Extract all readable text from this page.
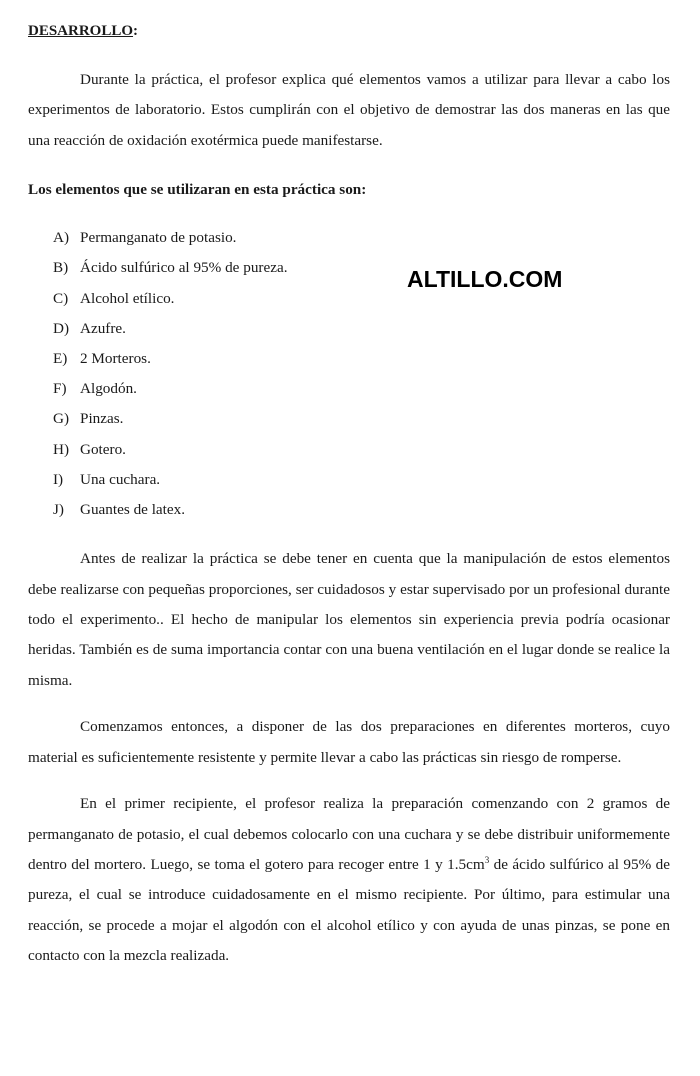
DESARROLLO:

Durante la práctica, el profesor explica qué elementos vamos a utilizar para llevar a cabo los experimentos de laboratorio. Estos cumplirán con el objetivo de demostrar las dos maneras en las que una reacción de oxidación exotérmica puede manifestarse.

Los elementos que se utilizaran en esta práctica son:

A) Permanganato de potasio.
B) Ácido sulfúrico al 95% de pureza.
C) Alcohol etílico.
D) Azufre.
E) 2 Morteros.
F) Algodón.
G) Pinzas.
H) Gotero.
I)	Una cuchara.
J)	Guantes de latex.

Antes de realizar la práctica se debe tener en cuenta que la manipulación de estos elementos debe realizarse con pequeñas proporciones, ser cuidadosos y estar supervisado por un profesional durante todo el experimento.. El hecho de manipular los elementos sin experiencia previa podría ocasionar heridas. También es de suma importancia contar con una buena ventilación en el lugar donde se realice la misma.

Comenzamos entonces, a disponer de las dos preparaciones en diferentes morteros, cuyo material es suficientemente resistente y permite llevar a cabo las prácticas sin riesgo de romperse.

En el primer recipiente, el profesor realiza la preparación comenzando con 2 gramos de permanganato de potasio, el cual debemos colocarlo con una cuchara y se debe distribuir uniformemente dentro del mortero. Luego, se toma el gotero para recoger entre 1 y $1.5cm^3$ de ácido sulfúrico al 95% de pureza, el cual se introduce cuidadosamente en el mismo recipiente. Por último, para estimular una reacción, se procede a mojar el algodón con el alcohol etílico y con ayuda de unas pinzas, se pone en contacto con la mezcla realizada.

ALTILLO.COM
